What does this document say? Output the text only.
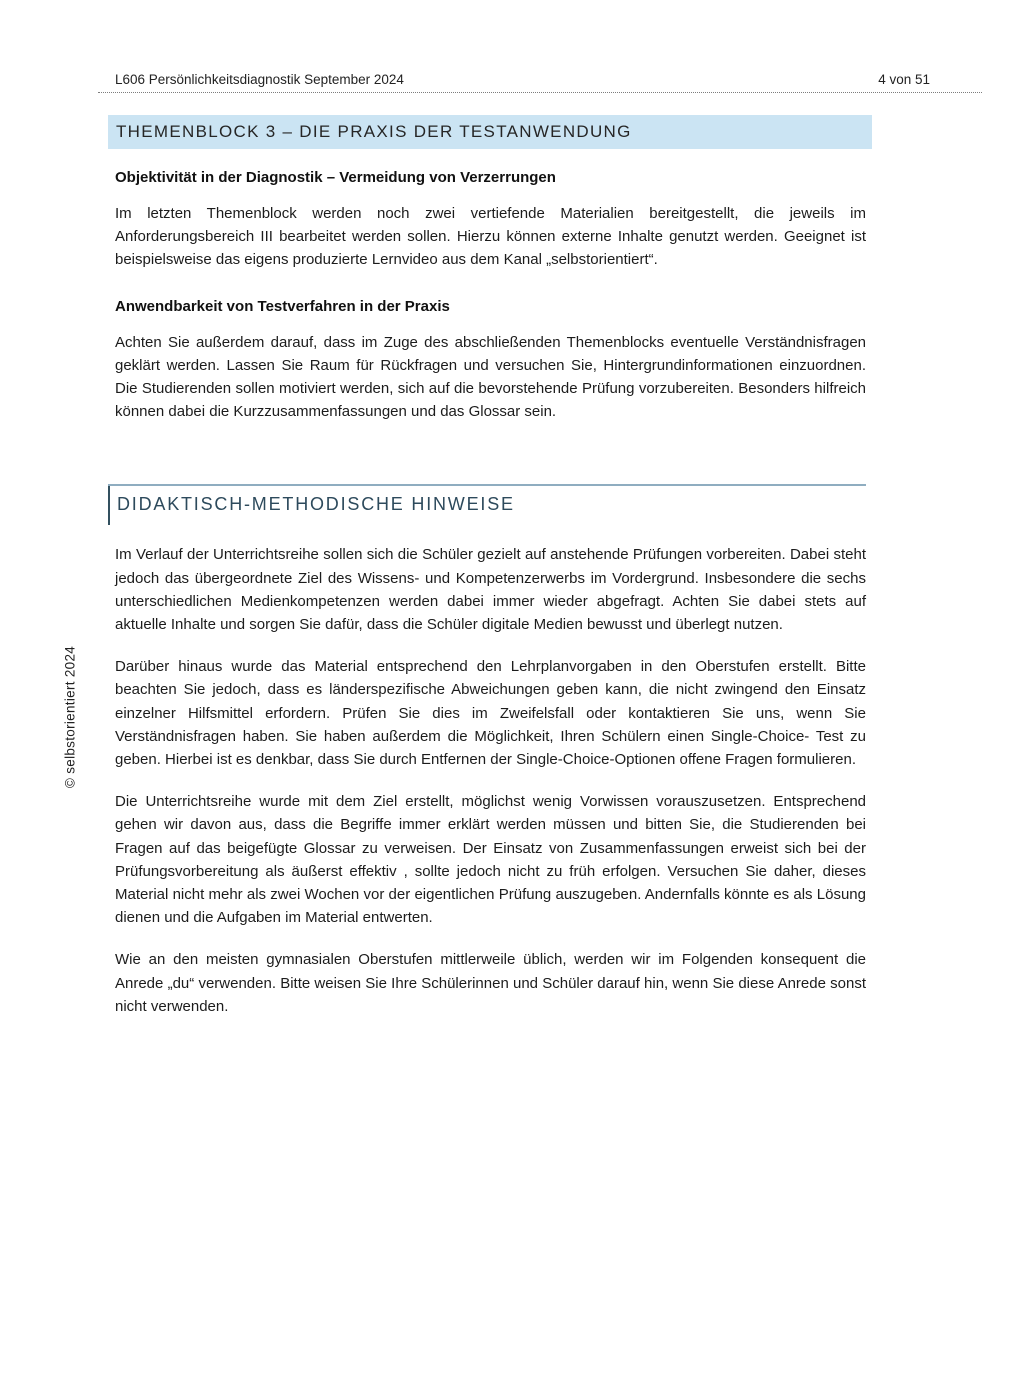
L606 Persönlichkeitsdiagnostik September 2024	4 von 51
THEMENBLOCK 3 – DIE PRAXIS DER TESTANWENDUNG
Objektivität in der Diagnostik – Vermeidung von Verzerrungen

Im letzten Themenblock werden noch zwei vertiefende Materialien bereitgestellt, die jeweils im Anforderungsbereich III bearbeitet werden sollen. Hierzu können externe Inhalte genutzt werden. Geeignet ist beispielsweise das eigens produzierte Lernvideo aus dem Kanal „selbstorientiert“.

Anwendbarkeit von Testverfahren in der Praxis

Achten Sie außerdem darauf, dass im Zuge des abschließenden Themenblocks eventuelle Verständnisfragen geklärt werden. Lassen Sie Raum für Rückfragen und versuchen Sie, Hintergrundinformationen einzuordnen. Die Studierenden sollen motiviert werden, sich auf die bevorstehende Prüfung vorzubereiten. Besonders hilfreich können dabei die Kurzzusammenfassungen und das Glossar sein.

DIDAKTISCH-METHODISCHE HINWEISE

Im Verlauf der Unterrichtsreihe sollen sich die Schüler gezielt auf anstehende Prüfungen vorbereiten. Dabei steht jedoch das übergeordnete Ziel des Wissens- und Kompetenzerwerbs im Vordergrund. Insbesondere die sechs unterschiedlichen Medienkompetenzen werden dabei immer wieder abgefragt. Achten Sie dabei stets auf aktuelle Inhalte und sorgen Sie dafür, dass die Schüler digitale Medien bewusst und überlegt nutzen.

Darüber hinaus wurde das Material entsprechend den Lehrplanvorgaben in den Oberstufen erstellt. Bitte beachten Sie jedoch, dass es länderspezifische Abweichungen geben kann, die nicht zwingend den Einsatz einzelner Hilfsmittel erfordern. Prüfen Sie dies im Zweifelsfall oder kontaktieren Sie uns, wenn Sie Verständnisfragen haben. Sie haben außerdem die Möglichkeit, Ihren Schülern einen Single-Choice- Test zu geben. Hierbei ist es denkbar, dass Sie durch Entfernen der Single-Choice-Optionen offene Fragen formulieren.

Die Unterrichtsreihe wurde mit dem Ziel erstellt, möglichst wenig Vorwissen vorauszusetzen. Entsprechend gehen wir davon aus, dass die Begriffe immer erklärt werden müssen und bitten Sie, die Studierenden bei Fragen auf das beigefügte Glossar zu verweisen. Der Einsatz von Zusammenfassungen erweist sich bei der Prüfungsvorbereitung als äußerst effektiv , sollte jedoch nicht zu früh erfolgen. Versuchen Sie daher, dieses Material nicht mehr als zwei Wochen vor der eigentlichen Prüfung auszugeben. Andernfalls könnte es als Lösung dienen und die Aufgaben im Material entwerten.

Wie an den meisten gymnasialen Oberstufen mittlerweile üblich, werden wir im Folgenden konsequent die Anrede „du“ verwenden. Bitte weisen Sie Ihre Schülerinnen und Schüler darauf hin, wenn Sie diese Anrede sonst nicht verwenden.

© selbstorientiert 2024
